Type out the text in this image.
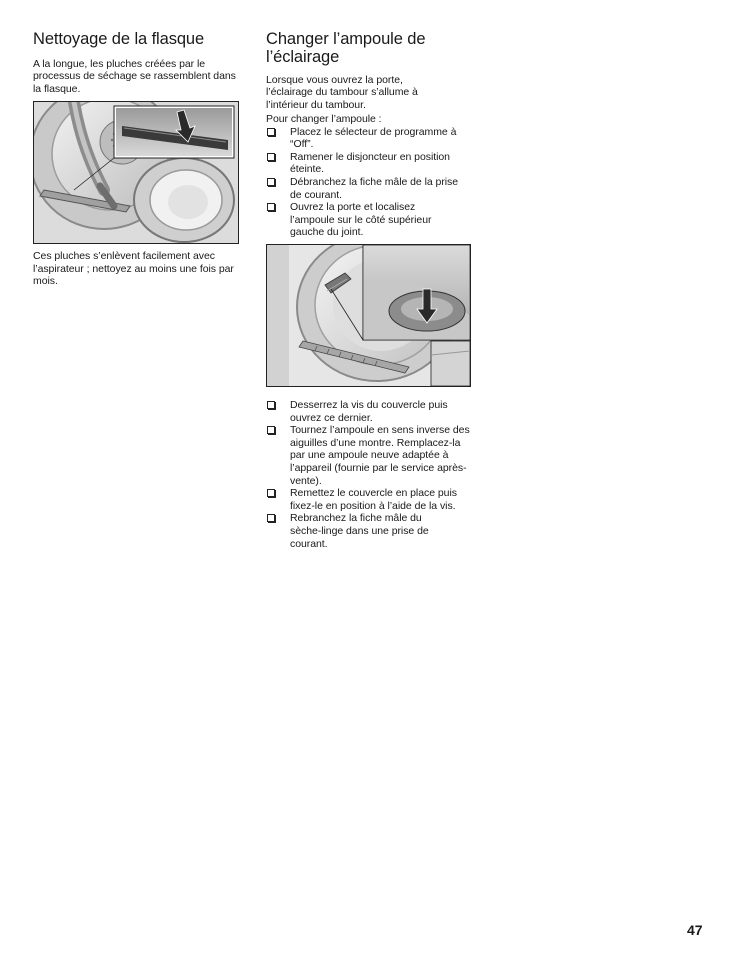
Nettoyage de la flasque

A la longue, les pluches créées par le processus de séchage se rassemblent dans la flasque.

Ces pluches s’enlèvent facilement avec l’aspirateur ; nettoyez au moins une fois par mois.

Changer l’ampoule de l’éclairage

Lorsque vous ouvrez la porte, l’éclairage du tambour s’allume à l’intérieur du tambour.

Pour changer l’ampoule :

Placez le sélecteur de programme à “Off”.
Ramener le disjoncteur en position éteinte.
Débranchez la fiche mâle de la prise de courant.
Ouvrez la porte et localisez l’ampoule sur le côté supérieur gauche du joint.
Desserrez la vis du couvercle puis ouvrez ce dernier.
Tournez l’ampoule en sens inverse des aiguilles d’une montre. Remplacez-la par une ampoule neuve adaptée à l’appareil (fournie par le service après-vente).
Remettez le couvercle en place puis fixez-le en position à l’aide de la vis.
Rebranchez la fiche mâle du sèche-linge dans une prise de courant.
47
